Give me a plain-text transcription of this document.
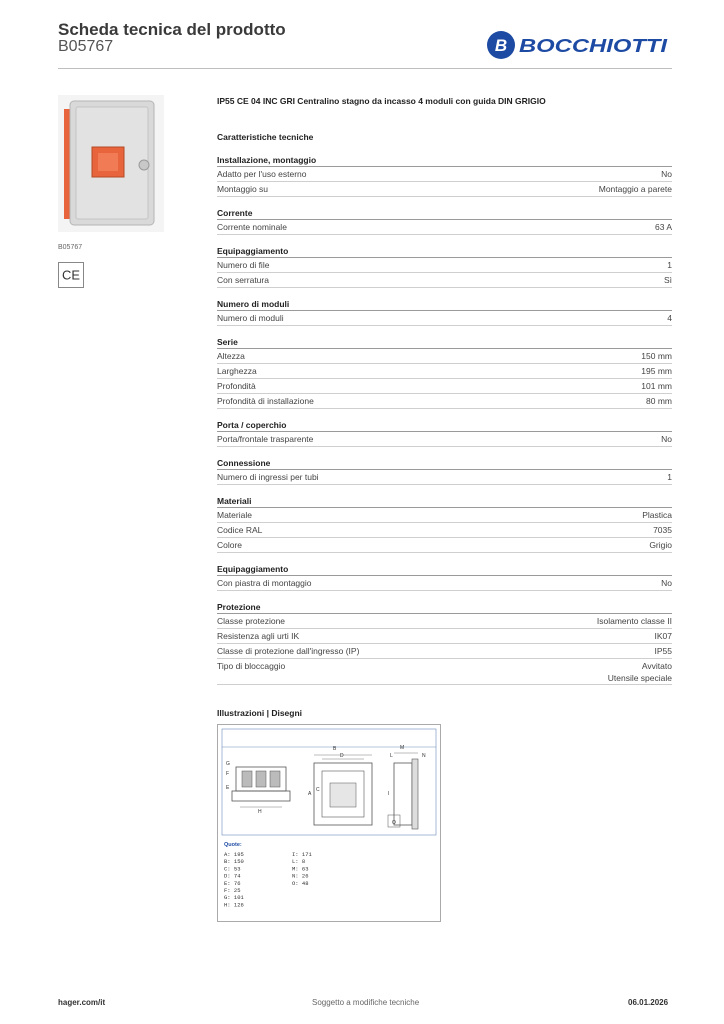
Scheda tecnica del prodotto
B05767	B BOCCHIOTTI
B05767
CE
IP55 CE 04 INC GRI Centralino stagno da incasso 4 moduli con guida DIN GRIGIO
Caratteristiche tecniche
Installazione, montaggio
Adatto per l'uso esterno	No
Montaggio su	Montaggio a parete
Corrente
Corrente nominale	63 A
Equipaggiamento
Numero di file	1
Con serratura	Sì
Numero di moduli
Numero di moduli	4
Serie
Altezza	150 mm
Larghezza	195 mm
Profondità	101 mm
Profondità di installazione	80 mm
Porta / coperchio
Porta/frontale trasparente	No
Connessione
Numero di ingressi per tubi	1
Materiali
Materiale	Plastica
Codice RAL	7035
Colore	Grigio
Equipaggiamento
Con piastra di montaggio	No
Protezione
Classe protezione	Isolamento classe II
Resistenza agli urti IK	IK07
Classe di protezione dall'ingresso (IP)	IP55
Tipo di bloccaggio	Avvitato
Utensile speciale
Illustrazioni | Disegni
B
D
E
F
G
H
A
C
I
L
M
N
O
Quote:
A: 195
B: 150
C: 53
D: 74
E: 76
F: 25
G: 101
H: 126
I: 171
L: 8
M: 63
N: 26
O: 48
hager.com/it	Soggetto a modifiche tecniche	06.01.2026
